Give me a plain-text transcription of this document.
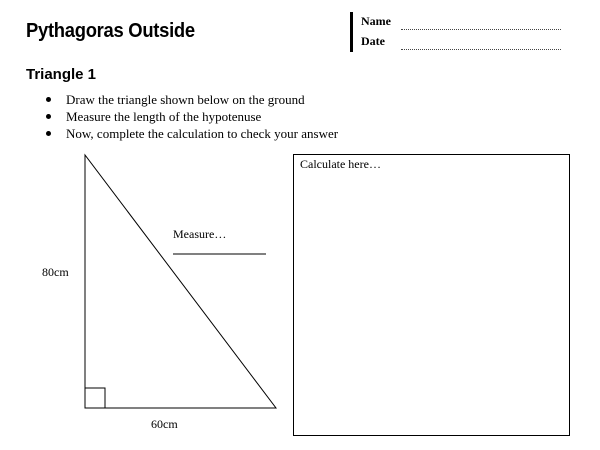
Pythagoras Outside	Name
Date
Triangle 1
Draw the triangle shown below on the ground
Measure the length of the hypotenuse
Now, complete the calculation to check your answer
Measure…
80cm
60cm
Calculate here…
